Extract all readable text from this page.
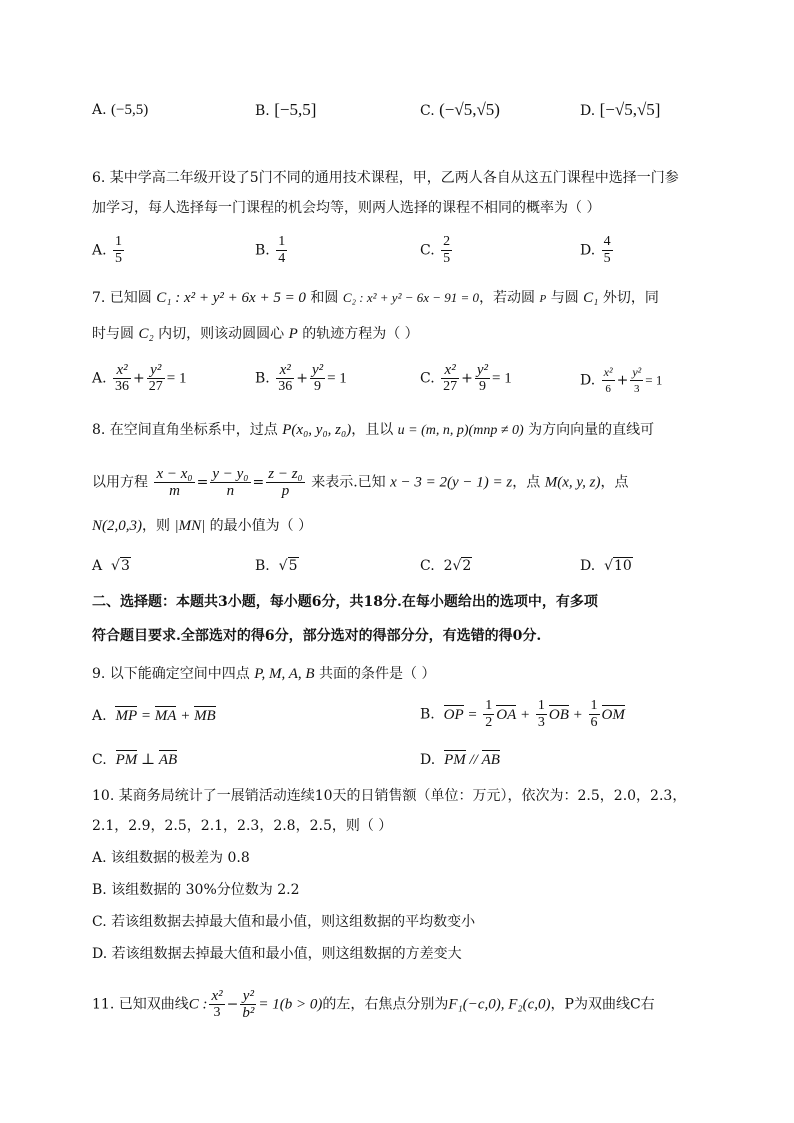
A. (−5,5)	B. [−5,5]	C. (−√5,√5)	D. [−√5,√5]
6. 某中学高二年级开设了5门不同的通用技术课程，甲，乙两人各自从这五门课程中选择一门参
加学习，每人选择每一门课程的机会均等，则两人选择的课程不相同的概率为（ ）
A. $\frac{1}{5}$	B. $\frac{1}{4}$	C. $\frac{2}{5}$	D. $\frac{4}{5}$
7. 已知圆 C₁ : x² + y² + 6x + 5 = 0 和圆 C₂ : x² + y² − 6x − 91 = 0，若动圆 P 与圆 C₁ 外切，同
时与圆 C₂ 内切，则该动圆圆心 P 的轨迹方程为（ ）
A. $\frac{\text{x²}}{36} + \frac{\text{y²}}{27} = 1$	B. $\frac{\text{x²}}{36} + \frac{\text{y²}}{9} = 1$	C. $\frac{\text{x²}}{27} + \frac{\text{y²}}{9} = 1$	D. $\frac{\text{x²}}{6} + \frac{\text{y²}}{3} = 1$
8. 在空间直角坐标系中，过点 P(x₀, y₀, z₀)，且以 u = (m, n, p)(mnp ≠ 0) 为方向向量的直线可
以用方程 $\frac{\text{x − x₀}}{m} = \frac{\text{y − y₀}}{n} = \frac{\text{z − z₀}}{p}$ 来表示.已知 x − 3 = 2(y − 1) = z，点 M(x, y, z)，点
N(2,0,3)，则 |MN| 的最小值为（ ）
A  √3	B.  √5	C. 2√2	D.  √10
二、选择题：本题共3小题，每小题6分，共18分.在每小题给出的选项中，有多项
符合题目要求.全部选对的得6分，部分选对的得部分分，有选错的得0分.
9. 以下能确定空间中四点 P, M, A, B 共面的条件是（ ）
A. MP = MA + MB	B. OP = $\frac{1}{2}$ OA + $\frac{1}{3}$ OB + $\frac{1}{6}$ OM
C. PM ⊥ AB	D. PM // AB
10. 某商务局统计了一展销活动连续10天的日销售额（单位：万元），依次为：2.5，2.0，2.3，
2.1，2.9，2.5，2.1，2.3，2.8，2.5，则（ ）
A. 该组数据的极差为 0.8
B. 该组数据的 30%分位数为 2.2
C. 若该组数据去掉最大值和最小值，则这组数据的平均数变小
D. 若该组数据去掉最大值和最小值，则这组数据的方差变大
11. 已知双曲线C : $\frac{\text{x²}}{3} - \frac{\text{y²}}{\text{b²}} = 1(b > 0)$的左，右焦点分别为F₁(−c,0), F₂(c,0)，P为双曲线C右
